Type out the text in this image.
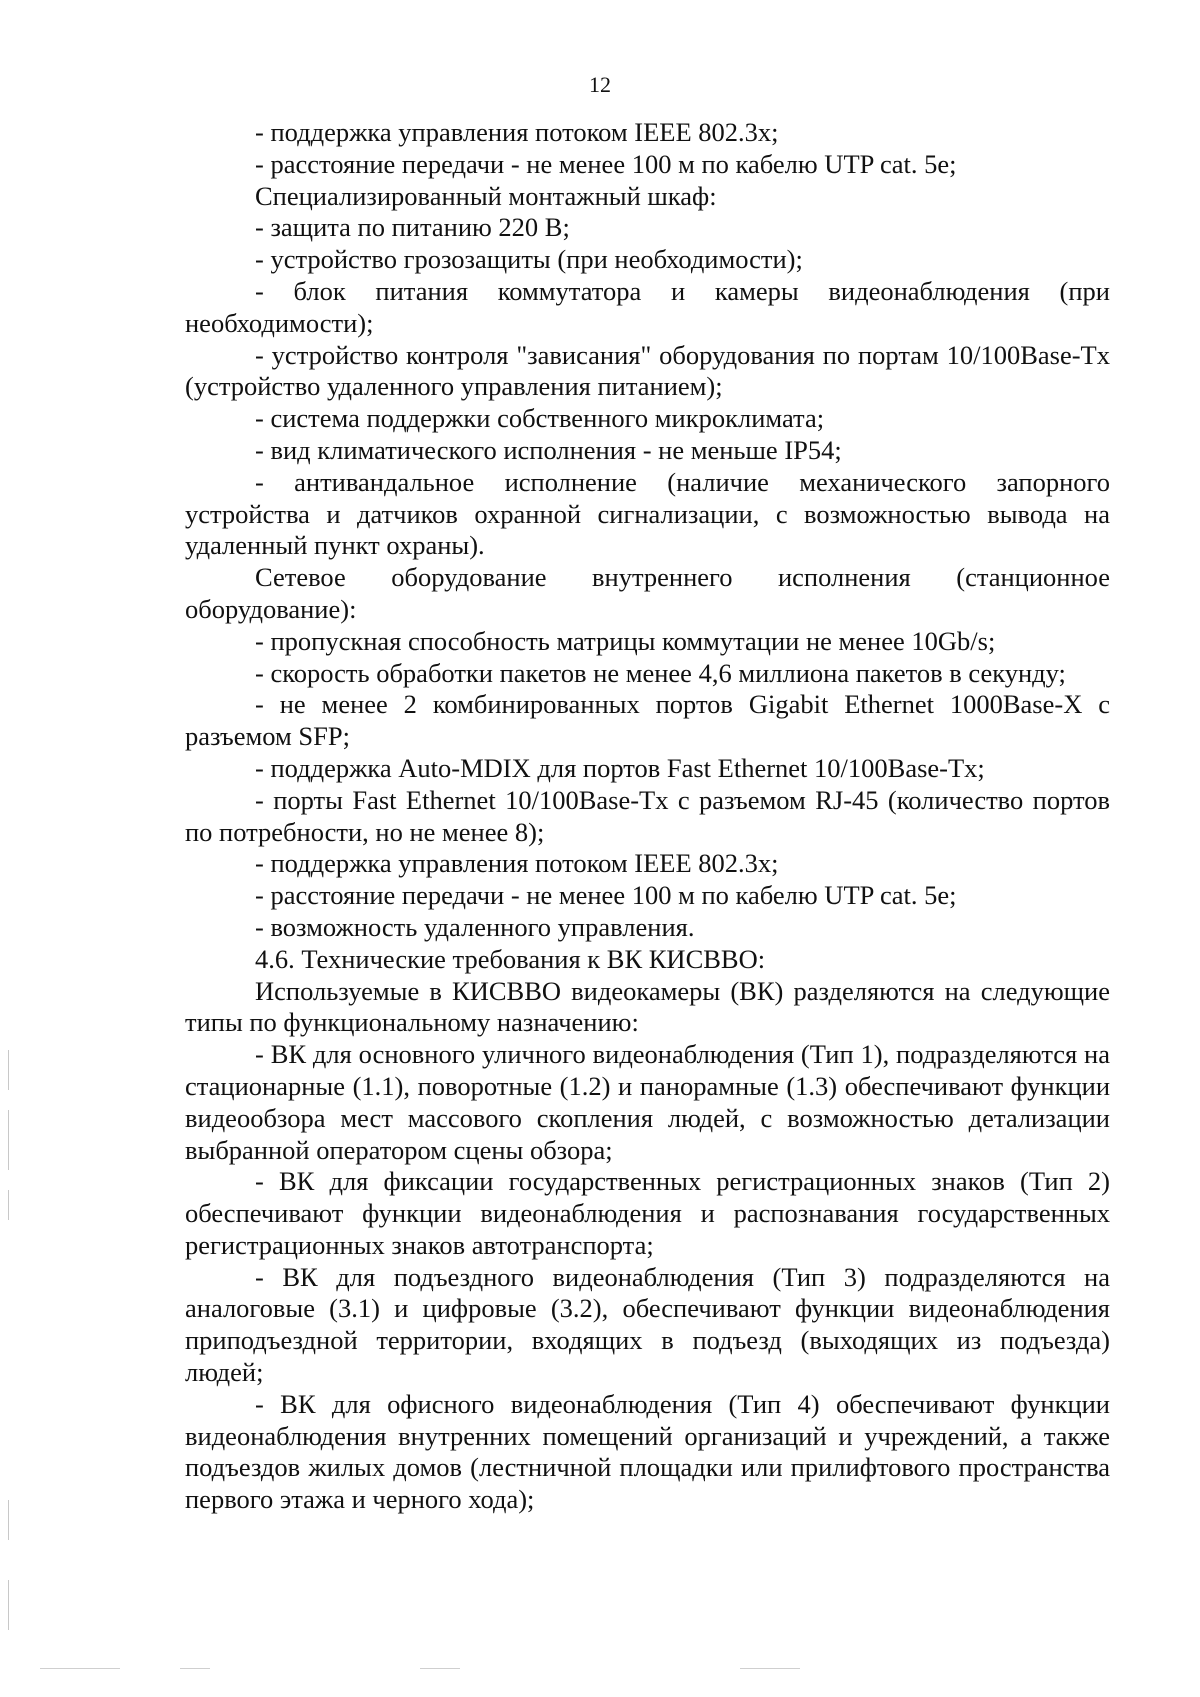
12

- поддержка управления потоком IEEE 802.3x;

- расстояние передачи - не менее 100 м по кабелю UTP cat. 5e;

Специализированный монтажный шкаф:

- защита по питанию 220 В;

- устройство грозозащиты (при необходимости);

- блок питания коммутатора и камеры видеонаблюдения (при необходимости);

- устройство контроля "зависания" оборудования по портам 10/100Base-Tx (устройство удаленного управления питанием);

- система поддержки собственного микроклимата;

- вид климатического исполнения - не меньше IP54;

- антивандальное исполнение (наличие механического запорного устройства и датчиков охранной сигнализации, с возможностью вывода на удаленный пункт охраны).

Сетевое оборудование внутреннего исполнения (станционное оборудование):

- пропускная способность матрицы коммутации не менее 10Gb/s;

- скорость обработки пакетов не менее 4,6 миллиона пакетов в секунду;

- не менее 2 комбинированных портов Gigabit Ethernet 1000Base-X с разъемом SFP;

- поддержка Auto-MDIX для портов Fast Ethernet 10/100Base-Tx;

- порты Fast Ethernet 10/100Base-Tx с разъемом RJ-45 (количество портов по потребности, но не менее 8);

- поддержка управления потоком IEEE 802.3x;

- расстояние передачи - не менее 100 м по кабелю UTP cat. 5e;

- возможность удаленного управления.

4.6. Технические требования к ВК КИСВВО:

Используемые в КИСВВО видеокамеры (ВК) разделяются на следующие типы по функциональному назначению:

- ВК для основного уличного видеонаблюдения (Тип 1), подразделяются на стационарные (1.1), поворотные (1.2) и панорамные (1.3) обеспечивают функции видеообзора мест массового скопления людей, с возможностью детализации выбранной оператором сцены обзора;

- ВК для фиксации государственных регистрационных знаков (Тип 2) обеспечивают функции видеонаблюдения и распознавания государственных регистрационных знаков автотранспорта;

- ВК для подъездного видеонаблюдения (Тип 3) подразделяются на аналоговые (3.1) и цифровые (3.2), обеспечивают функции видеонаблюдения приподъездной территории, входящих в подъезд (выходящих из подъезда) людей;

- ВК для офисного видеонаблюдения (Тип 4) обеспечивают функции видеонаблюдения внутренних помещений организаций и учреждений, а также подъездов жилых домов (лестничной площадки или прилифтового пространства первого этажа и черного хода);
